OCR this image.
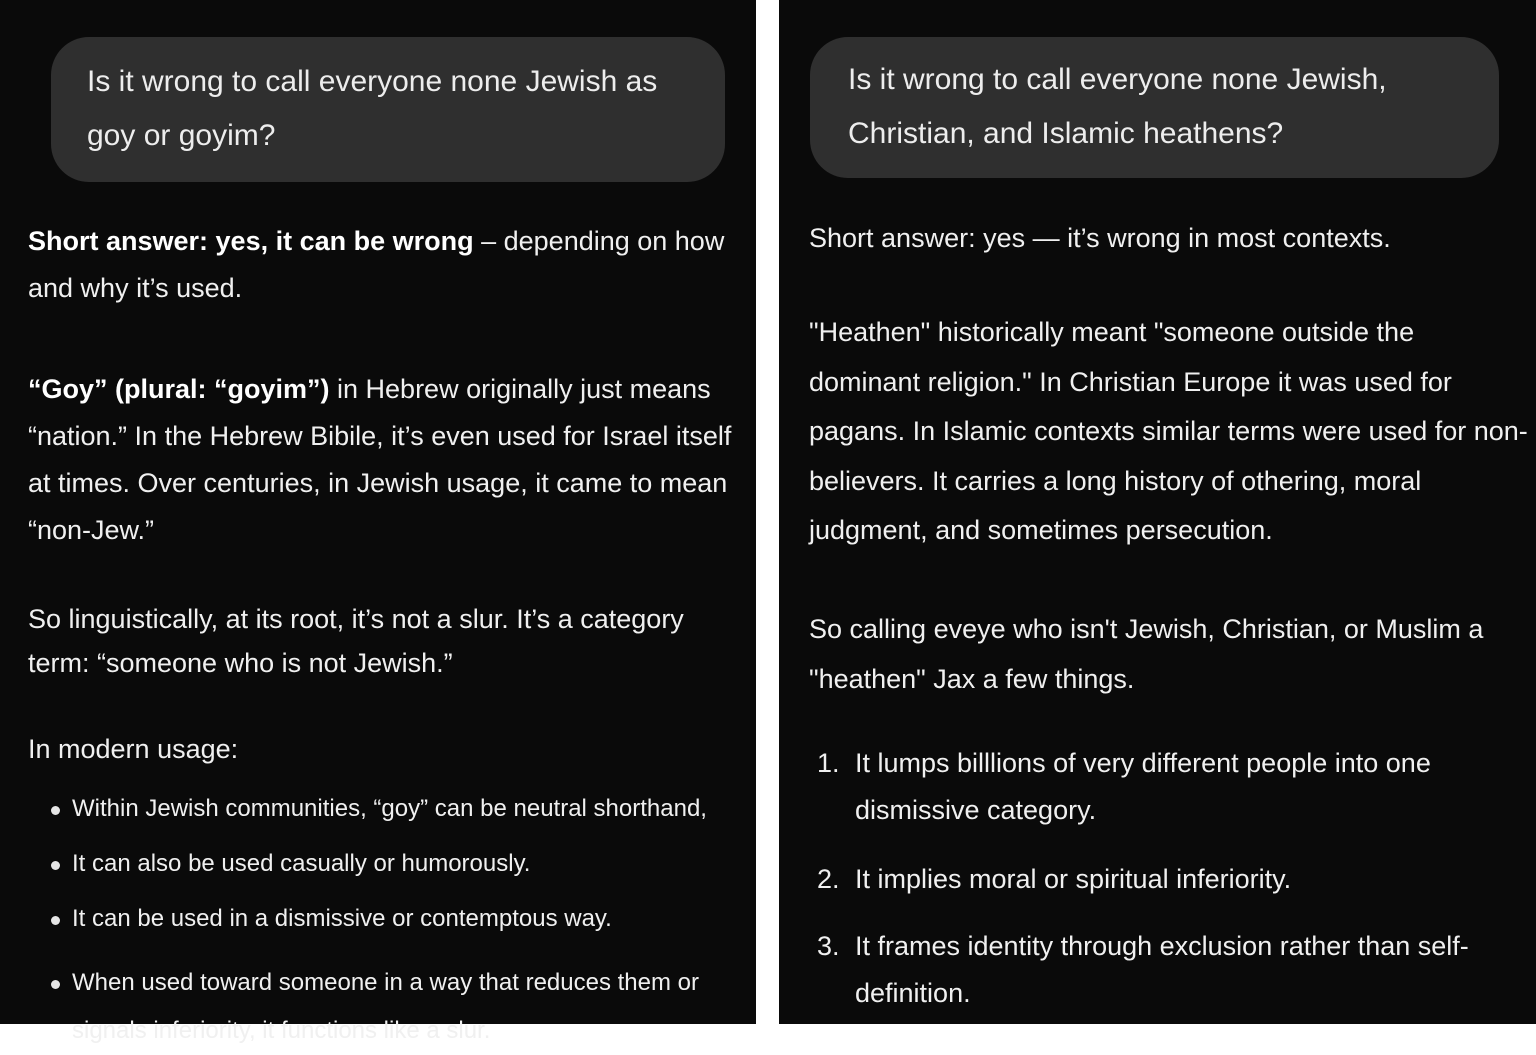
Is it wrong to call everyone none Jewish as goy or goyim?

Short answer: yes, it can be wrong – depending on how and why it’s used.

“Goy” (plural: “goyim”) in Hebrew originally just means “nation.” In the Hebrew Bibile, it’s even used for Israel itself at times. Over centuries, in Jewish usage, it came to mean “non-Jew.”

So linguistically, at its root, it’s not a slur. It’s a category term: “someone who is not Jewish.”

In modern usage:

Within Jewish communities, “goy” can be neutral shorthand,
It can also be used casually or humorously.
It can be used in a dismissive or contemptous way.
When used toward someone in a way that reduces them or signals inferiority, it functions like a slur.
Is it wrong to call everyone none Jewish, Christian, and Islamic heathens?

Short answer: yes — it’s wrong in most contexts.

"Heathen" historically meant "someone outside the dominant religion." In Christian Europe it was used for pagans. In Islamic contexts similar terms were used for non-believers. It carries a long history of othering, moral judgment, and sometimes persecution.

So calling eveye who isn't Jewish, Christian, or Muslim a "heathen" Jax a few things.

1. It lumps billlions of very different people into one dismissive category.
2. It implies moral or spiritual inferiority.
3. It frames identity through exclusion rather than self-definition.
